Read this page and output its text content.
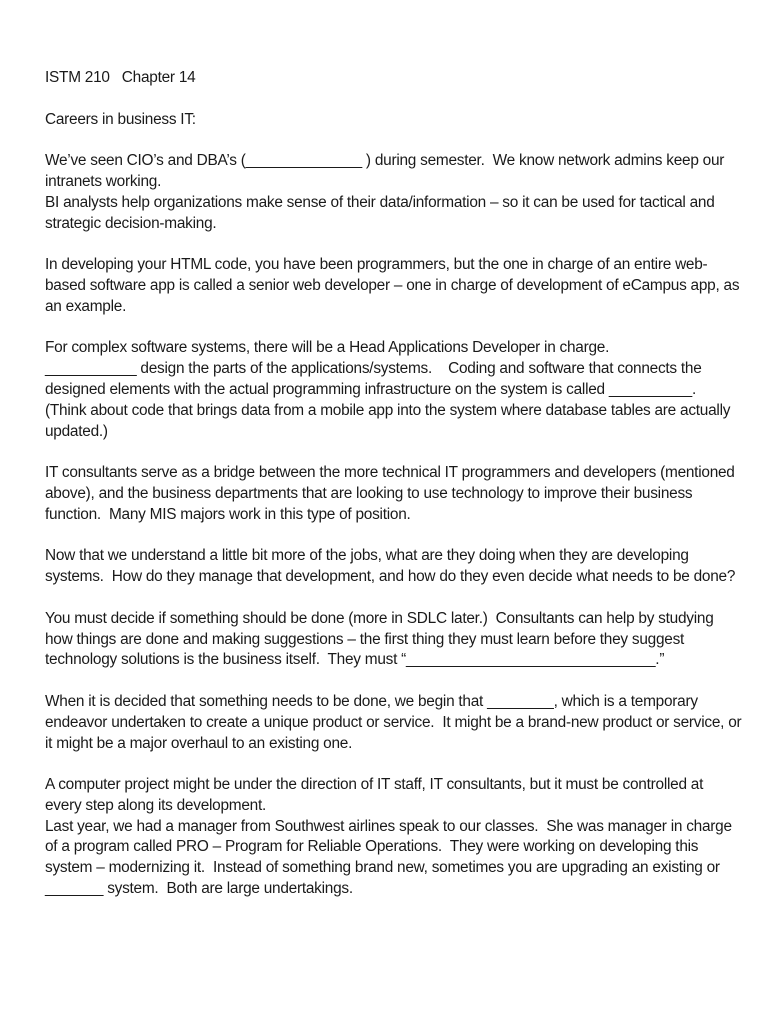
ISTM 210   Chapter 14
Careers in business IT:
We’ve seen CIO’s and DBA’s (______________ ) during semester.  We know network admins keep our
intranets working.
BI analysts help organizations make sense of their data/information – so it can be used for tactical and
strategic decision-making.
In developing your HTML code, you have been programmers, but the one in charge of an entire web-
based software app is called a senior web developer – one in charge of development of eCampus app, as
an example.
For complex software systems, there will be a Head Applications Developer in charge.
___________ design the parts of the applications/systems.    Coding and software that connects the
designed elements with the actual programming infrastructure on the system is called __________.
(Think about code that brings data from a mobile app into the system where database tables are actually
updated.)
IT consultants serve as a bridge between the more technical IT programmers and developers (mentioned
above), and the business departments that are looking to use technology to improve their business
function.  Many MIS majors work in this type of position.
Now that we understand a little bit more of the jobs, what are they doing when they are developing
systems.  How do they manage that development, and how do they even decide what needs to be done?
You must decide if something should be done (more in SDLC later.)  Consultants can help by studying
how things are done and making suggestions – the first thing they must learn before they suggest
technology solutions is the business itself.  They must “______________________________.”
When it is decided that something needs to be done, we begin that ________, which is a temporary
endeavor undertaken to create a unique product or service.  It might be a brand-new product or service, or
it might be a major overhaul to an existing one.
A computer project might be under the direction of IT staff, IT consultants, but it must be controlled at
every step along its development.
Last year, we had a manager from Southwest airlines speak to our classes.  She was manager in charge
of a program called PRO – Program for Reliable Operations.  They were working on developing this
system – modernizing it.  Instead of something brand new, sometimes you are upgrading an existing or
_______ system.  Both are large undertakings.
